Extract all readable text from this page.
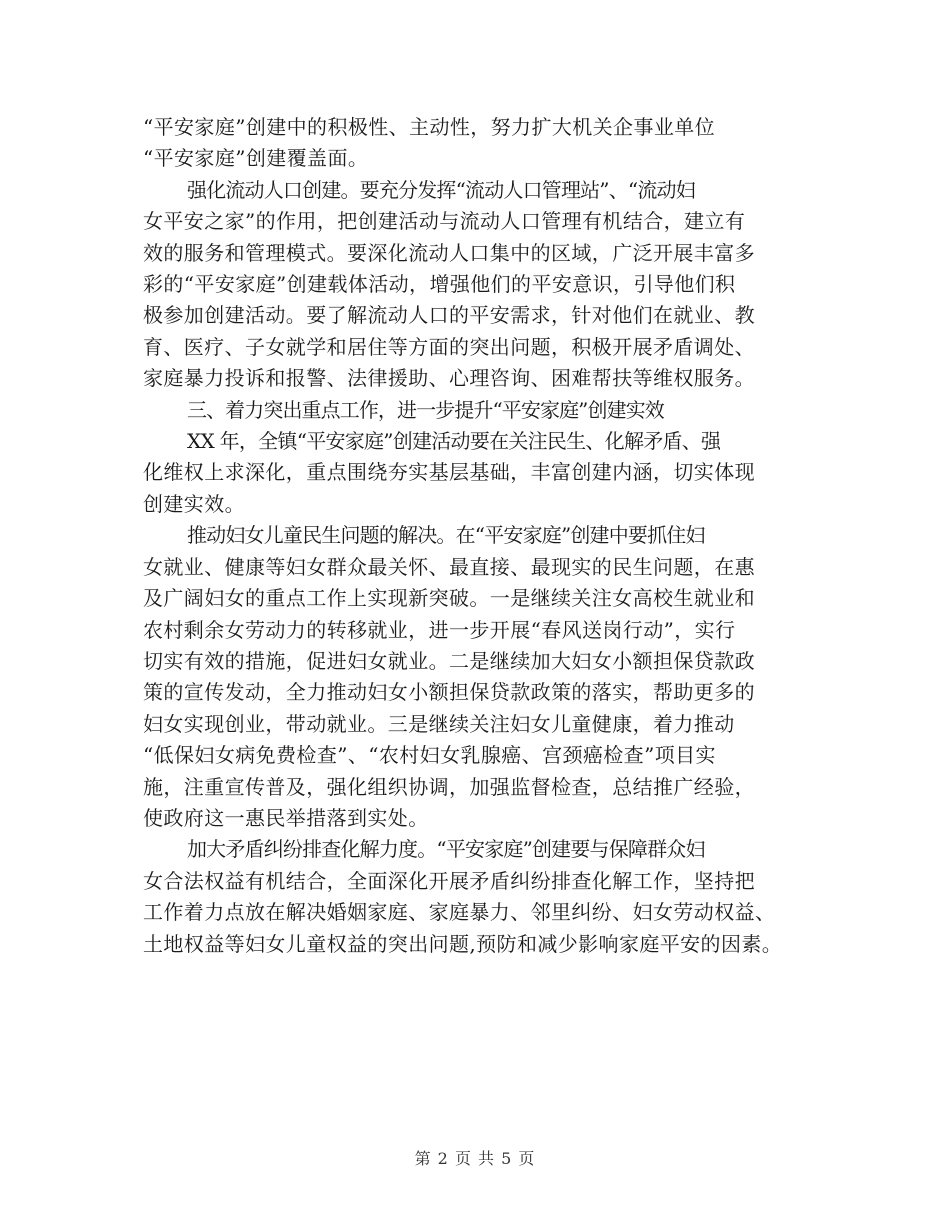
“平安家庭”创建中的积极性、主动性，努力扩大机关企事业单位
“平安家庭”创建覆盖面。
强化流动人口创建。要充分发挥“流动人口管理站”、“流动妇
女平安之家”的作用，把创建活动与流动人口管理有机结合，建立有
效的服务和管理模式。要深化流动人口集中的区域，广泛开展丰富多
彩的“平安家庭”创建载体活动，增强他们的平安意识，引导他们积
极参加创建活动。要了解流动人口的平安需求，针对他们在就业、教
育、医疗、子女就学和居住等方面的突出问题，积极开展矛盾调处、
家庭暴力投诉和报警、法律援助、心理咨询、困难帮扶等维权服务。
三、着力突出重点工作，进一步提升“平安家庭”创建实效
XX 年，全镇“平安家庭”创建活动要在关注民生、化解矛盾、强
化维权上求深化，重点围绕夯实基层基础，丰富创建内涵，切实体现
创建实效。
推动妇女儿童民生问题的解决。在“平安家庭”创建中要抓住妇
女就业、健康等妇女群众最关怀、最直接、最现实的民生问题，在惠
及广阔妇女的重点工作上实现新突破。一是继续关注女高校生就业和
农村剩余女劳动力的转移就业，进一步开展“春风送岗行动”，实行
切实有效的措施，促进妇女就业。二是继续加大妇女小额担保贷款政
策的宣传发动，全力推动妇女小额担保贷款政策的落实，帮助更多的
妇女实现创业，带动就业。三是继续关注妇女儿童健康，着力推动
“低保妇女病免费检查”、“农村妇女乳腺癌、宫颈癌检查”项目实
施，注重宣传普及，强化组织协调，加强监督检查，总结推广经验，
使政府这一惠民举措落到实处。
加大矛盾纠纷排查化解力度。“平安家庭”创建要与保障群众妇
女合法权益有机结合，全面深化开展矛盾纠纷排查化解工作，坚持把
工作着力点放在解决婚姻家庭、家庭暴力、邻里纠纷、妇女劳动权益、
土地权益等妇女儿童权益的突出问题,预防和减少影响家庭平安的因素。
第 2 页 共 5 页
